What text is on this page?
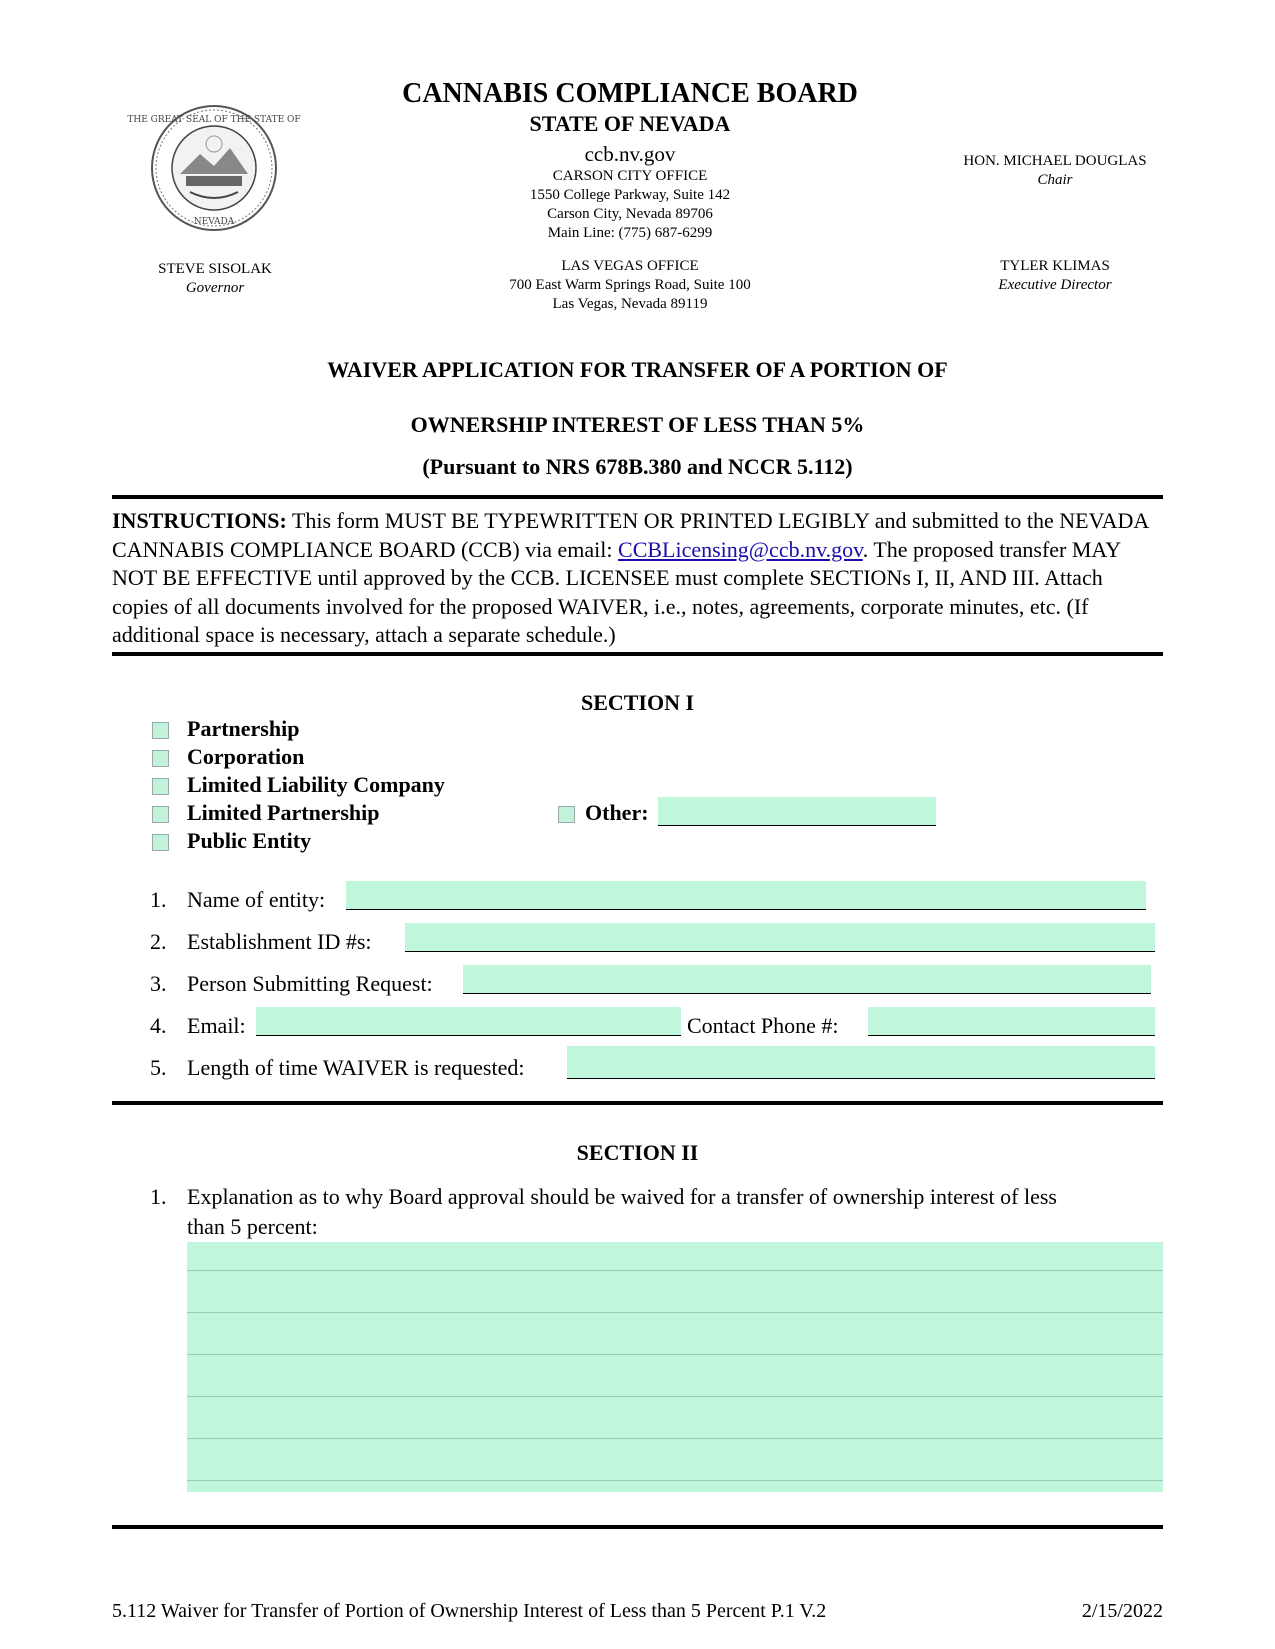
THE GREAT SEAL OF THE STATE OF
NEVADA
CANNABIS COMPLIANCE BOARD
STATE OF NEVADA
ccb.nv.gov
CARSON CITY OFFICE
1550 College Parkway, Suite 142
Carson City, Nevada 89706
Main Line: (775) 687-6299
LAS VEGAS OFFICE
700 East Warm Springs Road, Suite 100
Las Vegas, Nevada 89119
STEVE SISOLAK
Governor
HON. MICHAEL DOUGLAS
Chair
TYLER KLIMAS
Executive Director
WAIVER APPLICATION FOR TRANSFER OF A PORTION OF
OWNERSHIP INTEREST OF LESS THAN 5%
(Pursuant to NRS 678B.380 and NCCR 5.112)
INSTRUCTIONS: This form MUST BE TYPEWRITTEN OR PRINTED LEGIBLY and submitted to the NEVADA CANNABIS COMPLIANCE BOARD (CCB) via email: CCBLicensing@ccb.nv.gov. The proposed transfer MAY NOT BE EFFECTIVE until approved by the CCB. LICENSEE must complete SECTIONs I, II, AND III. Attach copies of all documents involved for the proposed WAIVER, i.e., notes, agreements, corporate minutes, etc. (If additional space is necessary, attach a separate schedule.)
SECTION I
Partnership
Corporation
Limited Liability Company
Limited Partnership
Public Entity
Other:
1. Name of entity:
2. Establishment ID #s:
3. Person Submitting Request:
4. Email:	Contact Phone #:
5. Length of time WAIVER is requested:
SECTION II
1. Explanation as to why Board approval should be waived for a transfer of ownership interest of less
than 5 percent:
5.112 Waiver for Transfer of Portion of Ownership Interest of Less than 5 Percent P.1 V.2	2/15/2022
